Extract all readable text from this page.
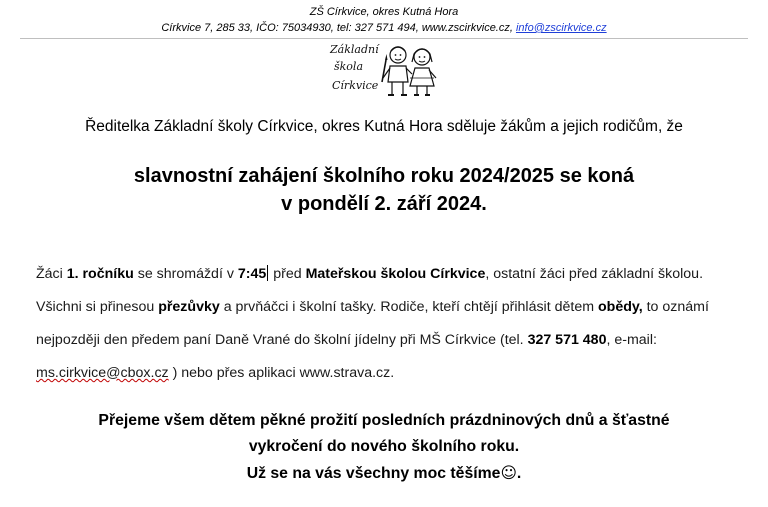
ZŠ Církvice, okres Kutná Hora
Církvice 7, 285 33, IČO: 75034930, tel: 327 571 494, www.zscirkvice.cz, info@zscirkvice.cz
Základní
škola
Církvice
Ředitelka Základní školy Církvice, okres Kutná Hora sděluje žákům a jejich rodičům, že
slavnostní zahájení školního roku 2024/2025 se koná
v pondělí 2. září 2024.
Žáci 1. ročníku se shromáždí v 7:45 před Mateřskou školou Církvice, ostatní žáci před základní školou. Všichni si přinesou přezůvky a prvňáčci i školní tašky. Rodiče, kteří chtějí přihlásit dětem obědy, to oznámí nejpozději den předem paní Daně Vrané do školní jídelny při MŠ Církvice (tel. 327 571 480, e-mail: ms.cirkvice@cbox.cz ) nebo přes aplikaci www.strava.cz.
Přejeme všem dětem pěkné prožití posledních prázdninových dnů a šťastné
vykročení do nového školního roku.
Už se na vás všechny moc těšíme☺.
